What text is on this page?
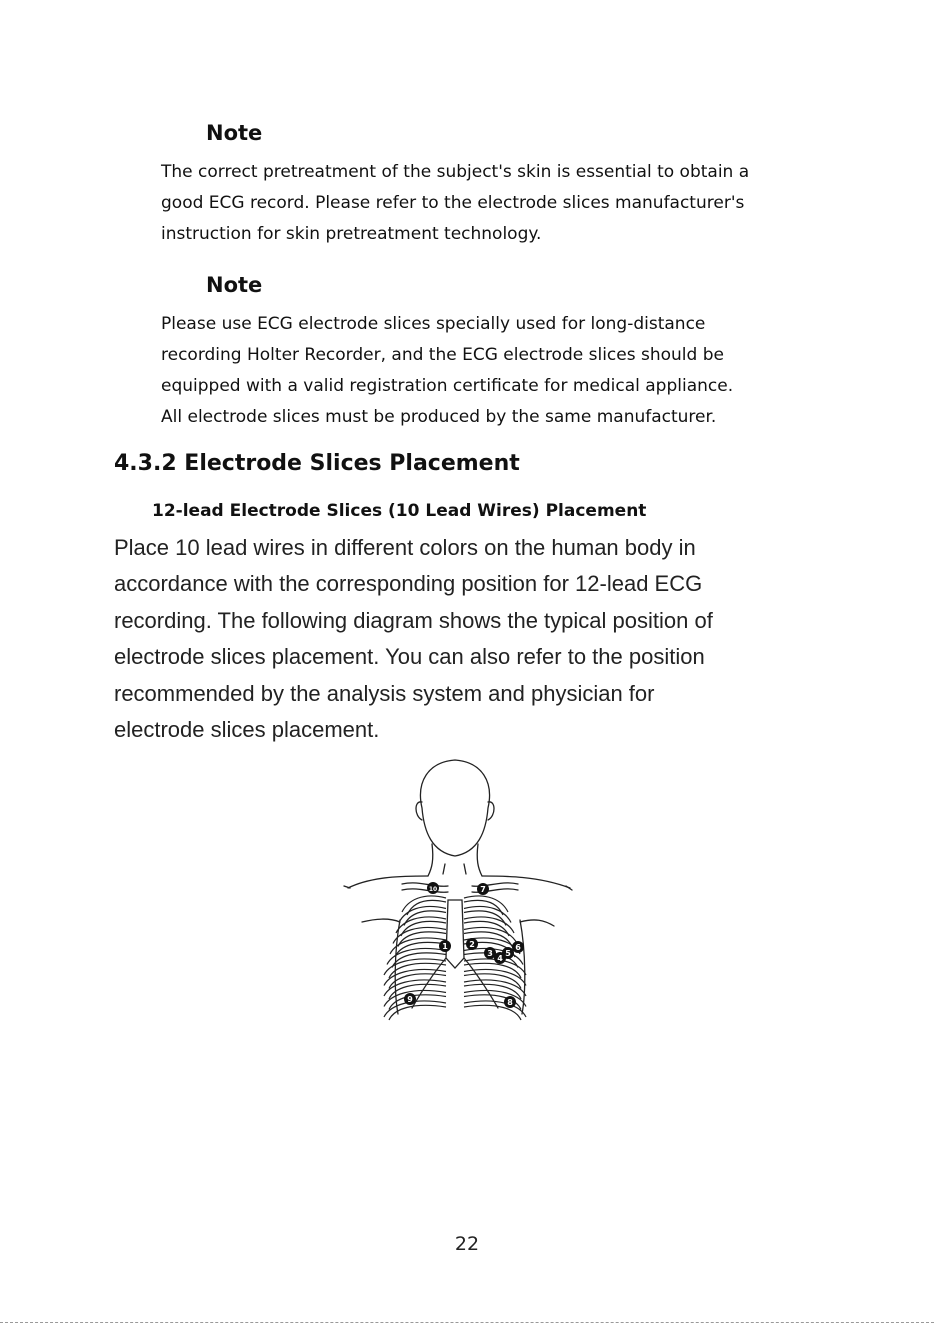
Note
The correct pretreatment of the subject's skin is essential to obtain a
good ECG record. Please refer to the electrode slices manufacturer's
instruction for skin pretreatment technology.
Note
Please use ECG electrode slices specially used for long-distance
recording Holter Recorder, and the ECG electrode slices should be
equipped with a valid registration certificate for medical appliance.
All electrode slices must be produced by the same manufacturer.
4.3.2 Electrode Slices Placement
12-lead Electrode Slices (10 Lead Wires) Placement
Place 10 lead wires in different colors on the human body in
accordance with the corresponding position for 12-lead ECG
recording. The following diagram shows the typical position of
electrode slices placement. You can also refer to the position
recommended by the analysis system and physician for
electrode slices placement.
1	2
3
4
5
6
7
8
9
10
22
